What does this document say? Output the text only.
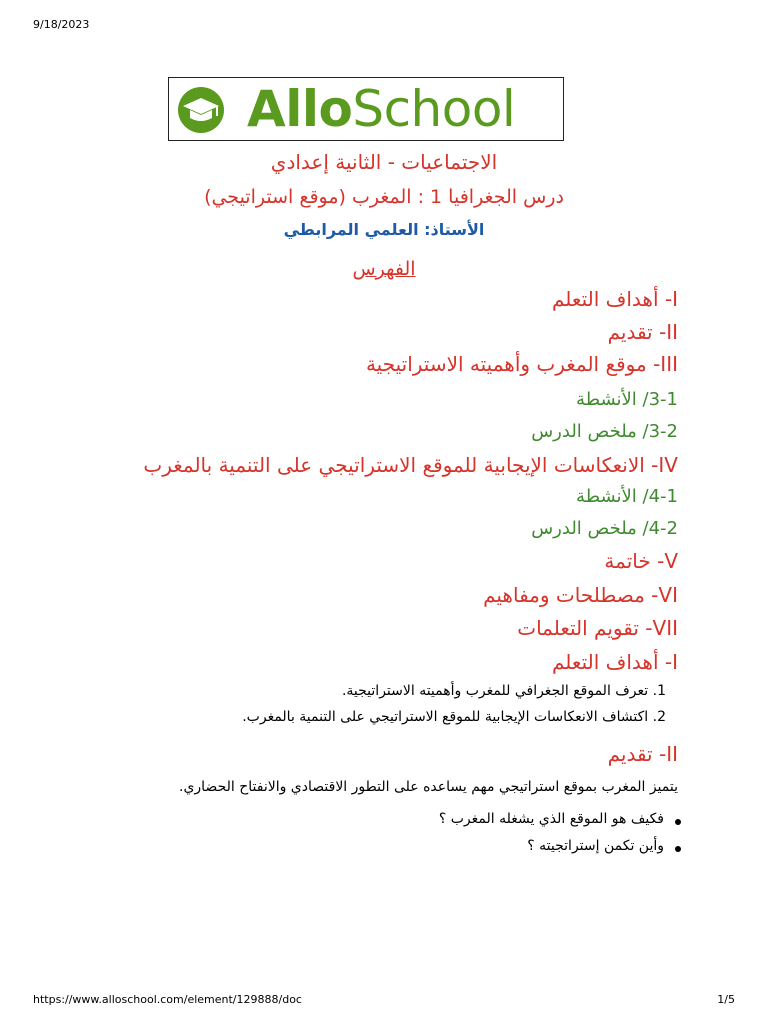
9/18/2023
AlloSchool
الاجتماعيات - الثانية إعدادي
درس الجغرافيا 1 : المغرب (موقع استراتيجي)
الأستاذ: العلمي المرابطي
الفهرس
I- أهداف التعلم
II- تقديم
III- موقع المغرب وأهميته الاستراتيجية
3-1/ الأنشطة
3-2/ ملخص الدرس
IV- الانعكاسات الإيجابية للموقع الاستراتيجي على التنمية بالمغرب
4-1/ الأنشطة
4-2/ ملخص الدرس
V- خاتمة
VI- مصطلحات ومفاهيم
VII- تقويم التعلمات
I- أهداف التعلم
1. تعرف الموقع الجغرافي للمغرب وأهميته الاستراتيجية.
2. اكتشاف الانعكاسات الإيجابية للموقع الاستراتيجي على التنمية بالمغرب.
II- تقديم
يتميز المغرب بموقع استراتيجي مهم يساعده على التطور الاقتصادي والانفتاح الحضاري.
فكيف هو الموقع الذي يشغله المغرب ؟
وأين تكمن إستراتجيته ؟
https://www.alloschool.com/element/129888/doc	1/5
